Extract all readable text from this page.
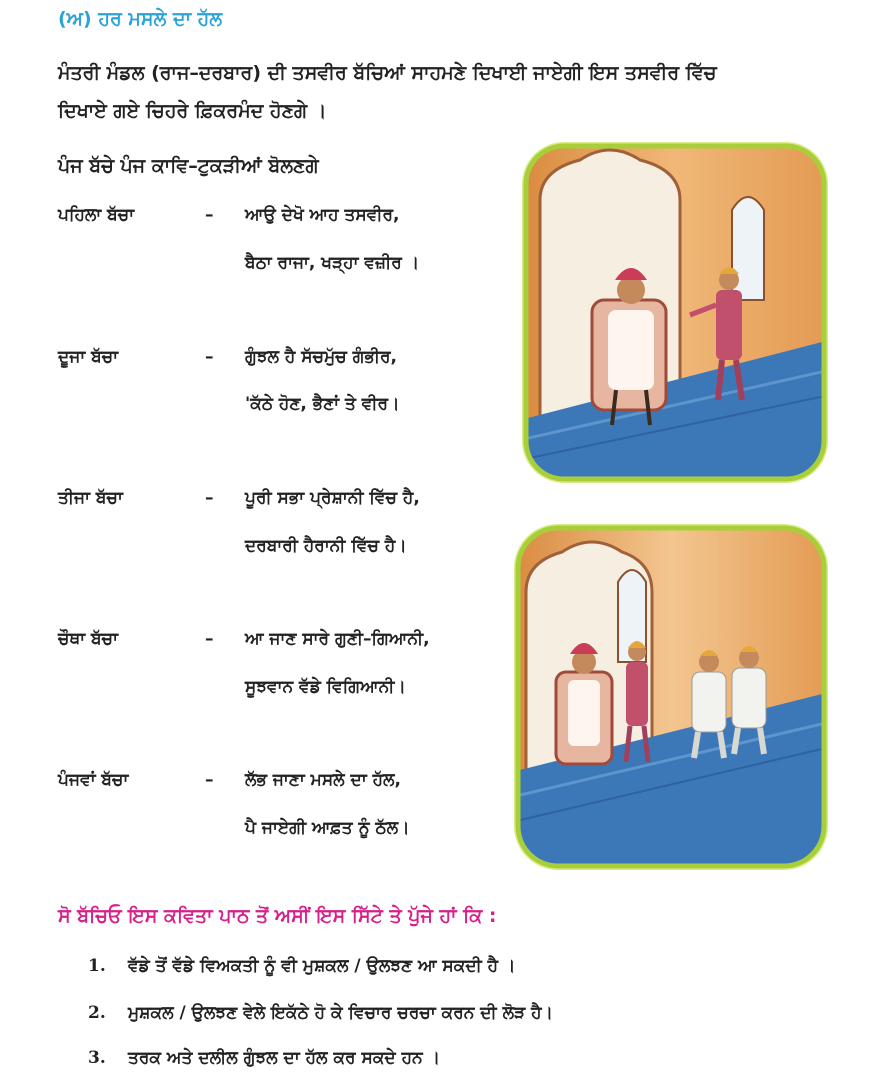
(ਅ) ਹਰ ਮਸਲੇ ਦਾ ਹੱਲ
ਮੰਤਰੀ ਮੰਡਲ (ਰਾਜ–ਦਰਬਾਰ) ਦੀ ਤਸਵੀਰ ਬੱਚਿਆਂ ਸਾਹਮਣੇ ਦਿਖਾਈ ਜਾਏਗੀ ਇਸ ਤਸਵੀਰ ਵਿੱਚ
ਦਿਖਾਏ ਗਏ ਚਿਹਰੇ ਫ਼ਿਕਰਮੰਦ ਹੋਣਗੇ ।
ਪੰਜ ਬੱਚੇ ਪੰਜ ਕਾਵਿ–ਟੁਕੜੀਆਂ ਬੋਲਣਗੇ
ਪਹਿਲਾ ਬੱਚਾ	– ਆਉ ਦੇਖੋ ਆਹ ਤਸਵੀਰ,
ਬੈਠਾ ਰਾਜਾ, ਖੜ੍ਹਾ ਵਜ਼ੀਰ ।
ਦੂਜਾ ਬੱਚਾ	– ਗੁੰਝਲ ਹੈ ਸੱਚਮੁੱਚ ਗੰਭੀਰ,
'ਕੱਠੇ ਹੋਣ, ਭੈਣਾਂ ਤੇ ਵੀਰ।
ਤੀਜਾ ਬੱਚਾ	– ਪੂਰੀ ਸਭਾ ਪ੍ਰੇਸ਼ਾਨੀ ਵਿੱਚ ਹੈ,
ਦਰਬਾਰੀ ਹੈਰਾਨੀ ਵਿੱਚ ਹੈ।
ਚੌਥਾ ਬੱਚਾ	– ਆ ਜਾਣ ਸਾਰੇ ਗੁਣੀ–ਗਿਆਨੀ,
ਸੂਝਵਾਨ ਵੱਡੇ ਵਿਗਿਆਨੀ।
ਪੰਜਵਾਂ ਬੱਚਾ	– ਲੱਭ ਜਾਣਾ ਮਸਲੇ ਦਾ ਹੱਲ,
ਪੈ ਜਾਏਗੀ ਆਫ਼ਤ ਨੂੰ ਠੱਲ।
ਸੋ ਬੱਚਿਓ ਇਸ ਕਵਿਤਾ ਪਾਠ ਤੋਂ ਅਸੀਂ ਇਸ ਸਿੱਟੇ ਤੇ ਪੁੱਜੇ ਹਾਂ ਕਿ :
1. ਵੱਡੇ ਤੋਂ ਵੱਡੇ ਵਿਅਕਤੀ ਨੂੰ ਵੀ ਮੁਸ਼ਕਲ / ਉਲਝਣ ਆ ਸਕਦੀ ਹੈ ।
2. ਮੁਸ਼ਕਲ / ਉਲਝਣ ਵੇਲੇ ਇਕੱਠੇ ਹੋ ਕੇ ਵਿਚਾਰ ਚਰਚਾ ਕਰਨ ਦੀ ਲੋੜ ਹੈ।
3. ਤਰਕ ਅਤੇ ਦਲੀਲ ਗੁੰਝਲ ਦਾ ਹੱਲ ਕਰ ਸਕਦੇ ਹਨ ।
